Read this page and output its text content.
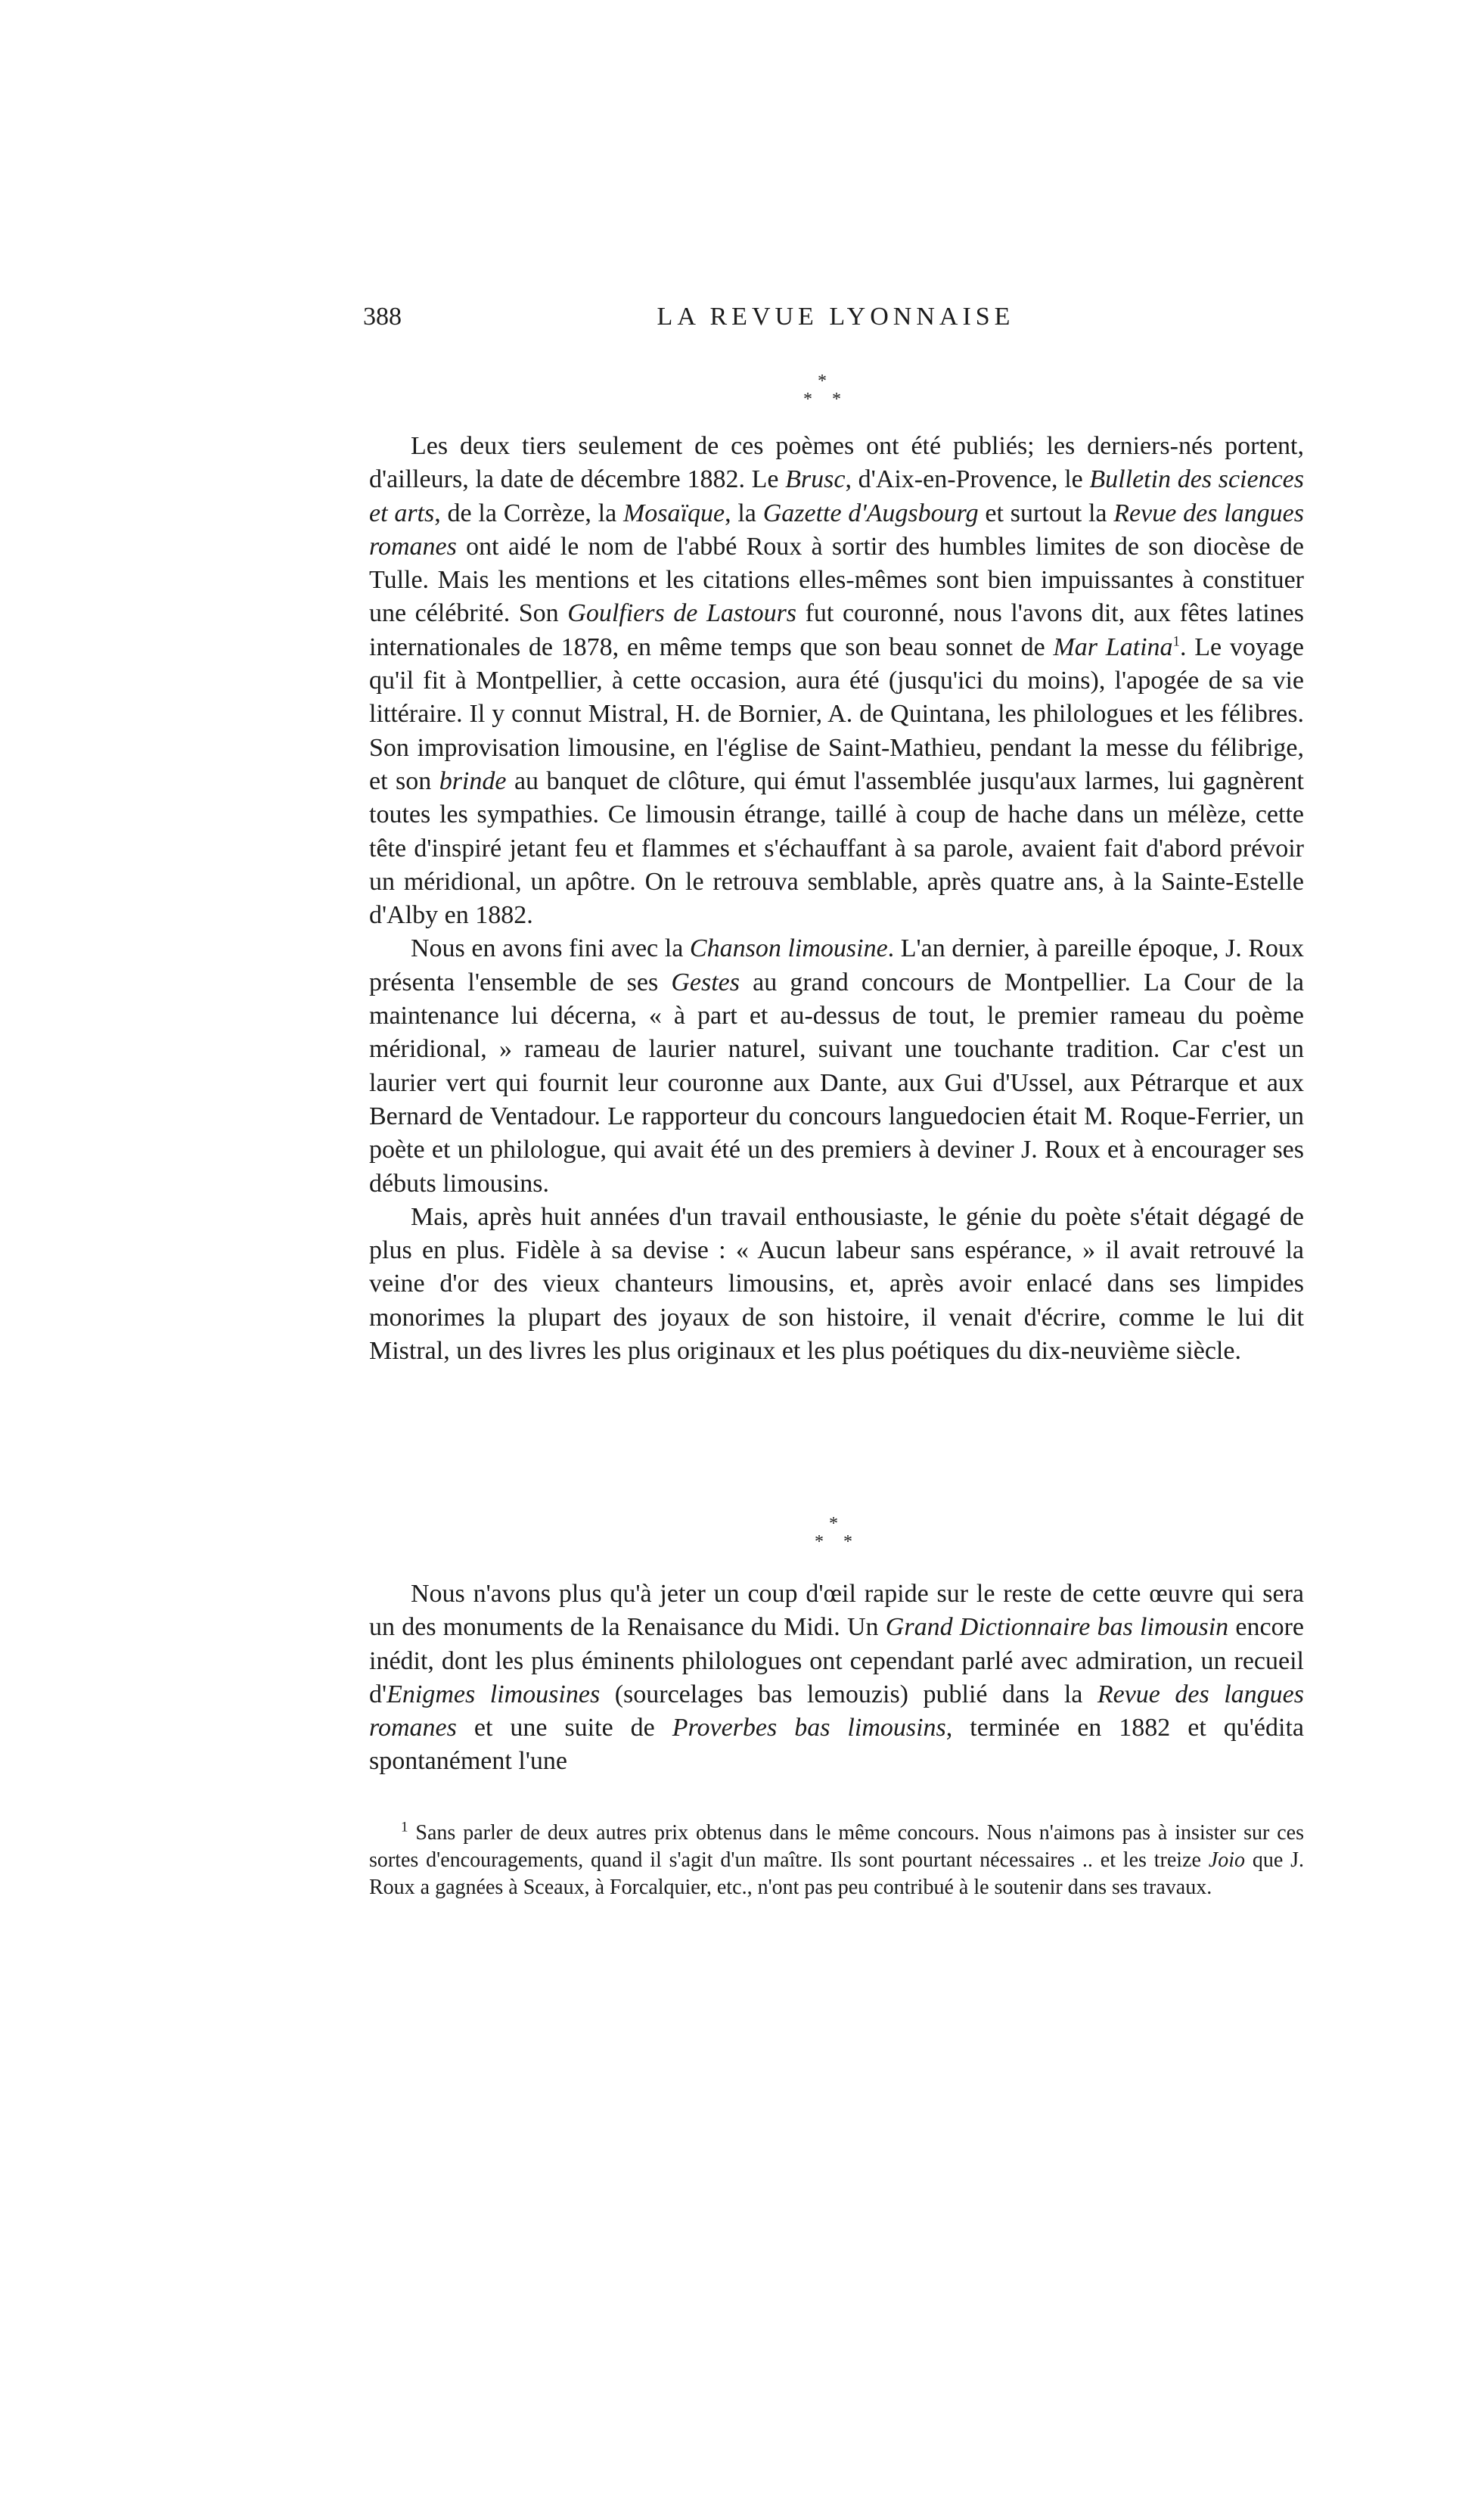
388	LA REVUE LYONNAISE
*
* *

Les deux tiers seulement de ces poèmes ont été publiés; les derniers-nés portent, d'ailleurs, la date de décembre 1882. Le Brusc, d'Aix-en-Provence, le Bulletin des sciences et arts, de la Corrèze, la Mosaïque, la Gazette d'Augsbourg et surtout la Revue des langues romanes ont aidé le nom de l'abbé Roux à sortir des humbles limites de son diocèse de Tulle. Mais les mentions et les citations elles-mêmes sont bien impuissantes à constituer une célébrité. Son Goulfiers de Lastours fut couronné, nous l'avons dit, aux fêtes latines internationales de 1878, en même temps que son beau sonnet de Mar Latina$^1$. Le voyage qu'il fit à Montpellier, à cette occasion, aura été (jusqu'ici du moins), l'apogée de sa vie littéraire. Il y connut Mistral, H. de Bornier, A. de Quintana, les philologues et les félibres. Son improvisation limousine, en l'église de Saint-Mathieu, pendant la messe du félibrige, et son brinde au banquet de clôture, qui émut l'assemblée jusqu'aux larmes, lui gagnèrent toutes les sympathies. Ce limousin étrange, taillé à coup de hache dans un mélèze, cette tête d'inspiré jetant feu et flammes et s'échauffant à sa parole, avaient fait d'abord prévoir un méridional, un apôtre. On le retrouva semblable, après quatre ans, à la Sainte-Estelle d'Alby en 1882.

Nous en avons fini avec la Chanson limousine. L'an dernier, à pareille époque, J. Roux présenta l'ensemble de ses Gestes au grand concours de Montpellier. La Cour de la maintenance lui décerna, « à part et au-dessus de tout, le premier rameau du poème méridional, » rameau de laurier naturel, suivant une touchante tradition. Car c'est un laurier vert qui fournit leur couronne aux Dante, aux Gui d'Ussel, aux Pétrarque et aux Bernard de Ventadour. Le rapporteur du concours languedocien était M. Roque-Ferrier, un poète et un philologue, qui avait été un des premiers à deviner J. Roux et à encourager ses débuts limousins.

Mais, après huit années d'un travail enthousiaste, le génie du poète s'était dégagé de plus en plus. Fidèle à sa devise : « Aucun labeur sans espérance, » il avait retrouvé la veine d'or des vieux chanteurs limousins, et, après avoir enlacé dans ses limpides monorimes la plupart des joyaux de son histoire, il venait d'écrire, comme le lui dit Mistral, un des livres les plus originaux et les plus poétiques du dix-neuvième siècle.

*
* *

Nous n'avons plus qu'à jeter un coup d'œil rapide sur le reste de cette œuvre qui sera un des monuments de la Renaisance du Midi. Un Grand Dictionnaire bas limousin encore inédit, dont les plus éminents philologues ont cependant parlé avec admiration, un recueil d'Enigmes limousines (sourcelages bas lemouzis) publié dans la Revue des langues romanes et une suite de Proverbes bas limousins, terminée en 1882 et qu'édita spontanément l'une

$^1$ Sans parler de deux autres prix obtenus dans le même concours. Nous n'aimons pas à insister sur ces sortes d'encouragements, quand il s'agit d'un maître. Ils sont pourtant nécessaires .. et les treize Joio que J. Roux a gagnées à Sceaux, à Forcalquier, etc., n'ont pas peu contribué à le soutenir dans ses travaux.
